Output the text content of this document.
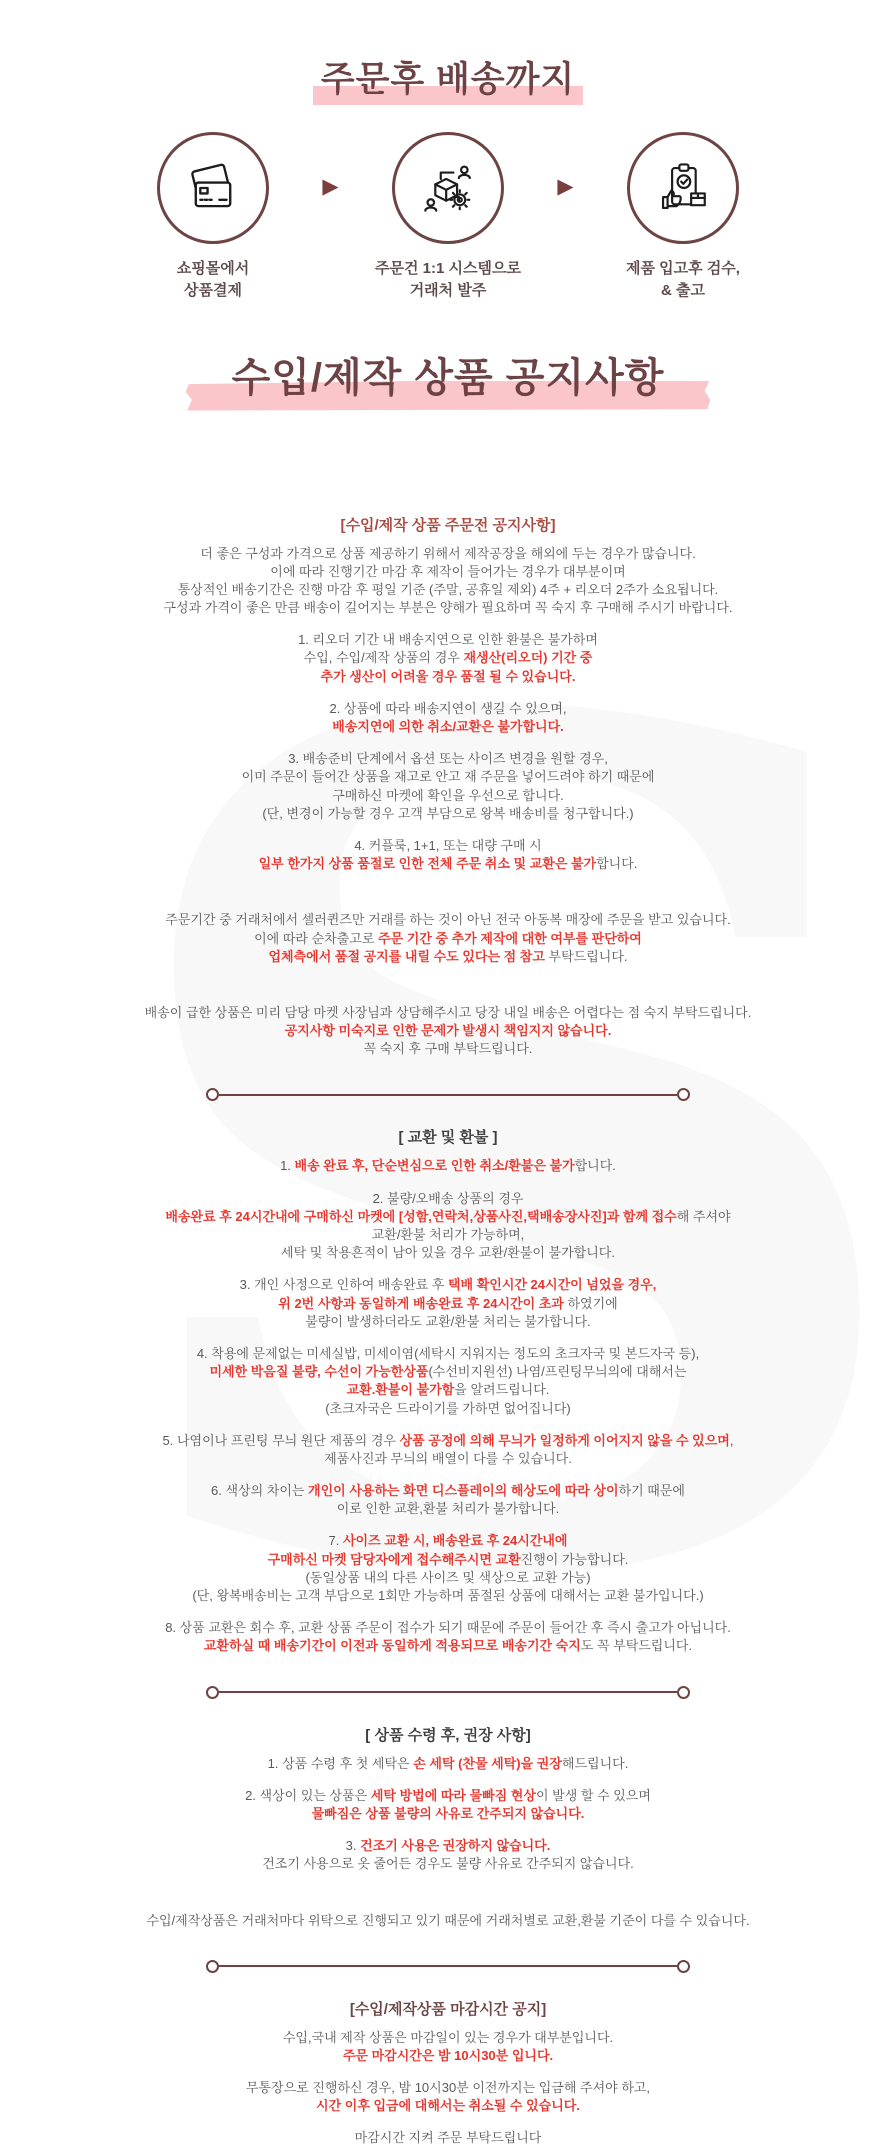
주문후 배송까지
쇼핑몰에서
상품결제
▶
주문건 1:1 시스템으로
거래처 발주
▶
제품 입고후 검수,
& 출고
수입/제작 상품 공지사항
[수입/제작 상품 주문전 공지사항]
더 좋은 구성과 가격으로 상품 제공하기 위해서 제작공장을 해외에 두는 경우가 많습니다.
이에 따라 진행기간 마감 후 제작이 들어가는 경우가 대부분이며
통상적인 배송기간은 진행 마감 후 평일 기준 (주말, 공휴일 제외) 4주 + 리오더 2주가 소요됩니다.
구성과 가격이 좋은 만큼 배송이 길어지는 부분은 양해가 필요하며 꼭 숙지 후 구매해 주시기 바랍니다.
1. 리오더 기간 내 배송지연으로 인한 환불은 불가하며
수입, 수입/제작 상품의 경우 재생산(리오더) 기간 중
추가 생산이 어려울 경우 품절 될 수 있습니다.
2. 상품에 따라 배송지연이 생길 수 있으며,
배송지연에 의한 취소/교환은 불가합니다.
3. 배송준비 단계에서 옵션 또는 사이즈 변경을 원할 경우,
이미 주문이 들어간 상품을 재고로 안고 재 주문을 넣어드려야 하기 때문에
구매하신 마켓에 확인을 우선으로 합니다.
(단, 변경이 가능할 경우 고객 부담으로 왕복 배송비를 청구합니다.)
4. 커플룩, 1+1, 또는 대량 구매 시
일부 한가지 상품 품절로 인한 전체 주문 취소 및 교환은 불가합니다.
주문기간 중 거래처에서 셀러퀸즈만 거래를 하는 것이 아닌 전국 아동복 매장에 주문을 받고 있습니다.
이에 따라 순차출고로 주문 기간 중 추가 제작에 대한 여부를 판단하여
업체측에서 품절 공지를 내릴 수도 있다는 점 참고 부탁드립니다.
배송이 급한 상품은 미리 담당 마켓 사장님과 상담해주시고 당장 내일 배송은 어렵다는 점 숙지 부탁드립니다.
공지사항 미숙지로 인한 문제가 발생시 책임지지 않습니다.
꼭 숙지 후 구매 부탁드립니다.
[ 교환 및 환불 ]
1. 배송 완료 후, 단순변심으로 인한 취소/환불은 불가합니다.
2. 불량/오배송 상품의 경우
배송완료 후 24시간내에 구매하신 마켓에 [성함,연락처,상품사진,택배송장사진]과 함께 접수해 주셔야
교환/환불 처리가 가능하며,
세탁 및 착용흔적이 남아 있을 경우 교환/환불이 불가합니다.
3. 개인 사정으로 인하여 배송완료 후 택배 확인시간 24시간이 넘었을 경우,
위 2번 사항과 동일하게 배송완료 후 24시간이 초과 하였기에
불량이 발생하더라도 교환/환불 처리는 불가합니다.
4. 착용에 문제없는 미세실밥, 미세이염(세탁시 지워지는 정도의 초크자국 및 본드자국 등),
미세한 박음질 불량, 수선이 가능한상품(수선비지원선) 나염/프린팅무늬의에 대해서는
교환.환불이 불가함을 알려드립니다.
(초크자국은 드라이기를 가하면 없어집니다)
5. 나염이나 프린팅 무늬 원단 제품의 경우 상품 공정에 의해 무늬가 일정하게 이어지지 않을 수 있으며,
제품사진과 무늬의 배열이 다를 수 있습니다.
6. 색상의 차이는 개인이 사용하는 화면 디스플레이의 해상도에 따라 상이하기 때문에
이로 인한 교환,환불 처리가 불가합니다.
7. 사이즈 교환 시, 배송완료 후 24시간내에
구매하신 마켓 담당자에게 접수해주시면 교환진행이 가능합니다.
(동일상품 내의 다른 사이즈 및 색상으로 교환 가능)
(단, 왕복배송비는 고객 부담으로 1회만 가능하며 품절된 상품에 대해서는 교환 불가입니다.)
8. 상품 교환은 회수 후, 교환 상품 주문이 접수가 되기 때문에 주문이 들어간 후 즉시 출고가 아닙니다.
교환하실 때 배송기간이 이전과 동일하게 적용되므로 배송기간 숙지도 꼭 부탁드립니다.
[ 상품 수령 후, 권장 사항]
1. 상품 수령 후 첫 세탁은 손 세탁 (찬물 세탁)을 권장해드립니다.
2. 색상이 있는 상품은 세탁 방법에 따라 물빠짐 현상이 발생 할 수 있으며
물빠짐은 상품 불량의 사유로 간주되지 않습니다.
3. 건조기 사용은 권장하지 않습니다.
건조기 사용으로 옷 줄어든 경우도 불량 사유로 간주되지 않습니다.
수입/제작상품은 거래처마다 위탁으로 진행되고 있기 때문에 거래처별로 교환,환불 기준이 다를 수 있습니다.
[수입/제작상품 마감시간 공지]
수입,국내 제작 상품은 마감일이 있는 경우가 대부분입니다.
주문 마감시간은 밤 10시30분 입니다.
무통장으로 진행하신 경우, 밤 10시30분 이전까지는 입금해 주셔야 하고,
시간 이후 입금에 대해서는 취소될 수 있습니다.
마감시간 지켜 주문 부탁드립니다
